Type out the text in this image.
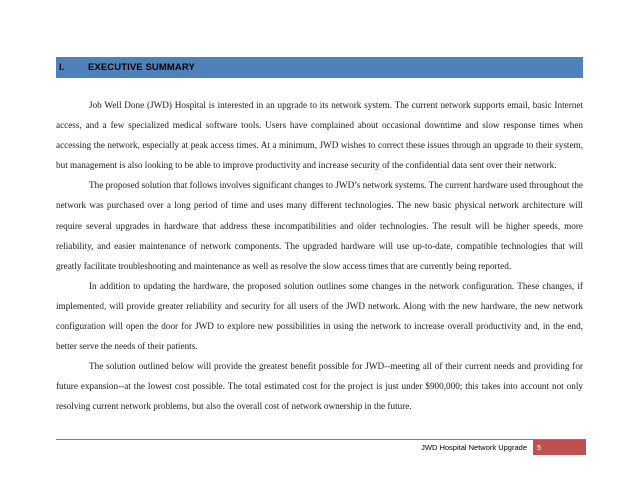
I.	EXECUTIVE SUMMARY

Job Well Done (JWD) Hospital is interested in an upgrade to its network system. The current network supports email, basic Internet access, and a few specialized medical software tools. Users have complained about occasional downtime and slow response times when accessing the network, especially at peak access times. At a minimum, JWD wishes to correct these issues through an upgrade to their system, but management is also looking to be able to improve productivity and increase security of the confidential data sent over their network.

The proposed solution that follows involves significant changes to JWD’s network systems. The current hardware used throughout the network was purchased over a long period of time and uses many different technologies. The new basic physical network architecture will require several upgrades in hardware that address these incompatibilities and older technologies. The result will be higher speeds, more reliability, and easier maintenance of network components. The upgraded hardware will use up-to-date, compatible technologies that will greatly facilitate troubleshooting and maintenance as well as resolve the slow access times that are currently being reported.

In addition to updating the hardware, the proposed solution outlines some changes in the network configuration. These changes, if implemented, will provide greater reliability and security for all users of the JWD network. Along with the new hardware, the new network configuration will open the door for JWD to explore new possibilities in using the network to increase overall productivity and, in the end, better serve the needs of their patients.

The solution outlined below will provide the greatest benefit possible for JWD--meeting all of their current needs and providing for future expansion--at the lowest cost possible. The total estimated cost for the project is just under $900,000; this takes into account not only resolving current network problems, but also the overall cost of network ownership in the future.

JWD Hospital Network Upgrade	5
